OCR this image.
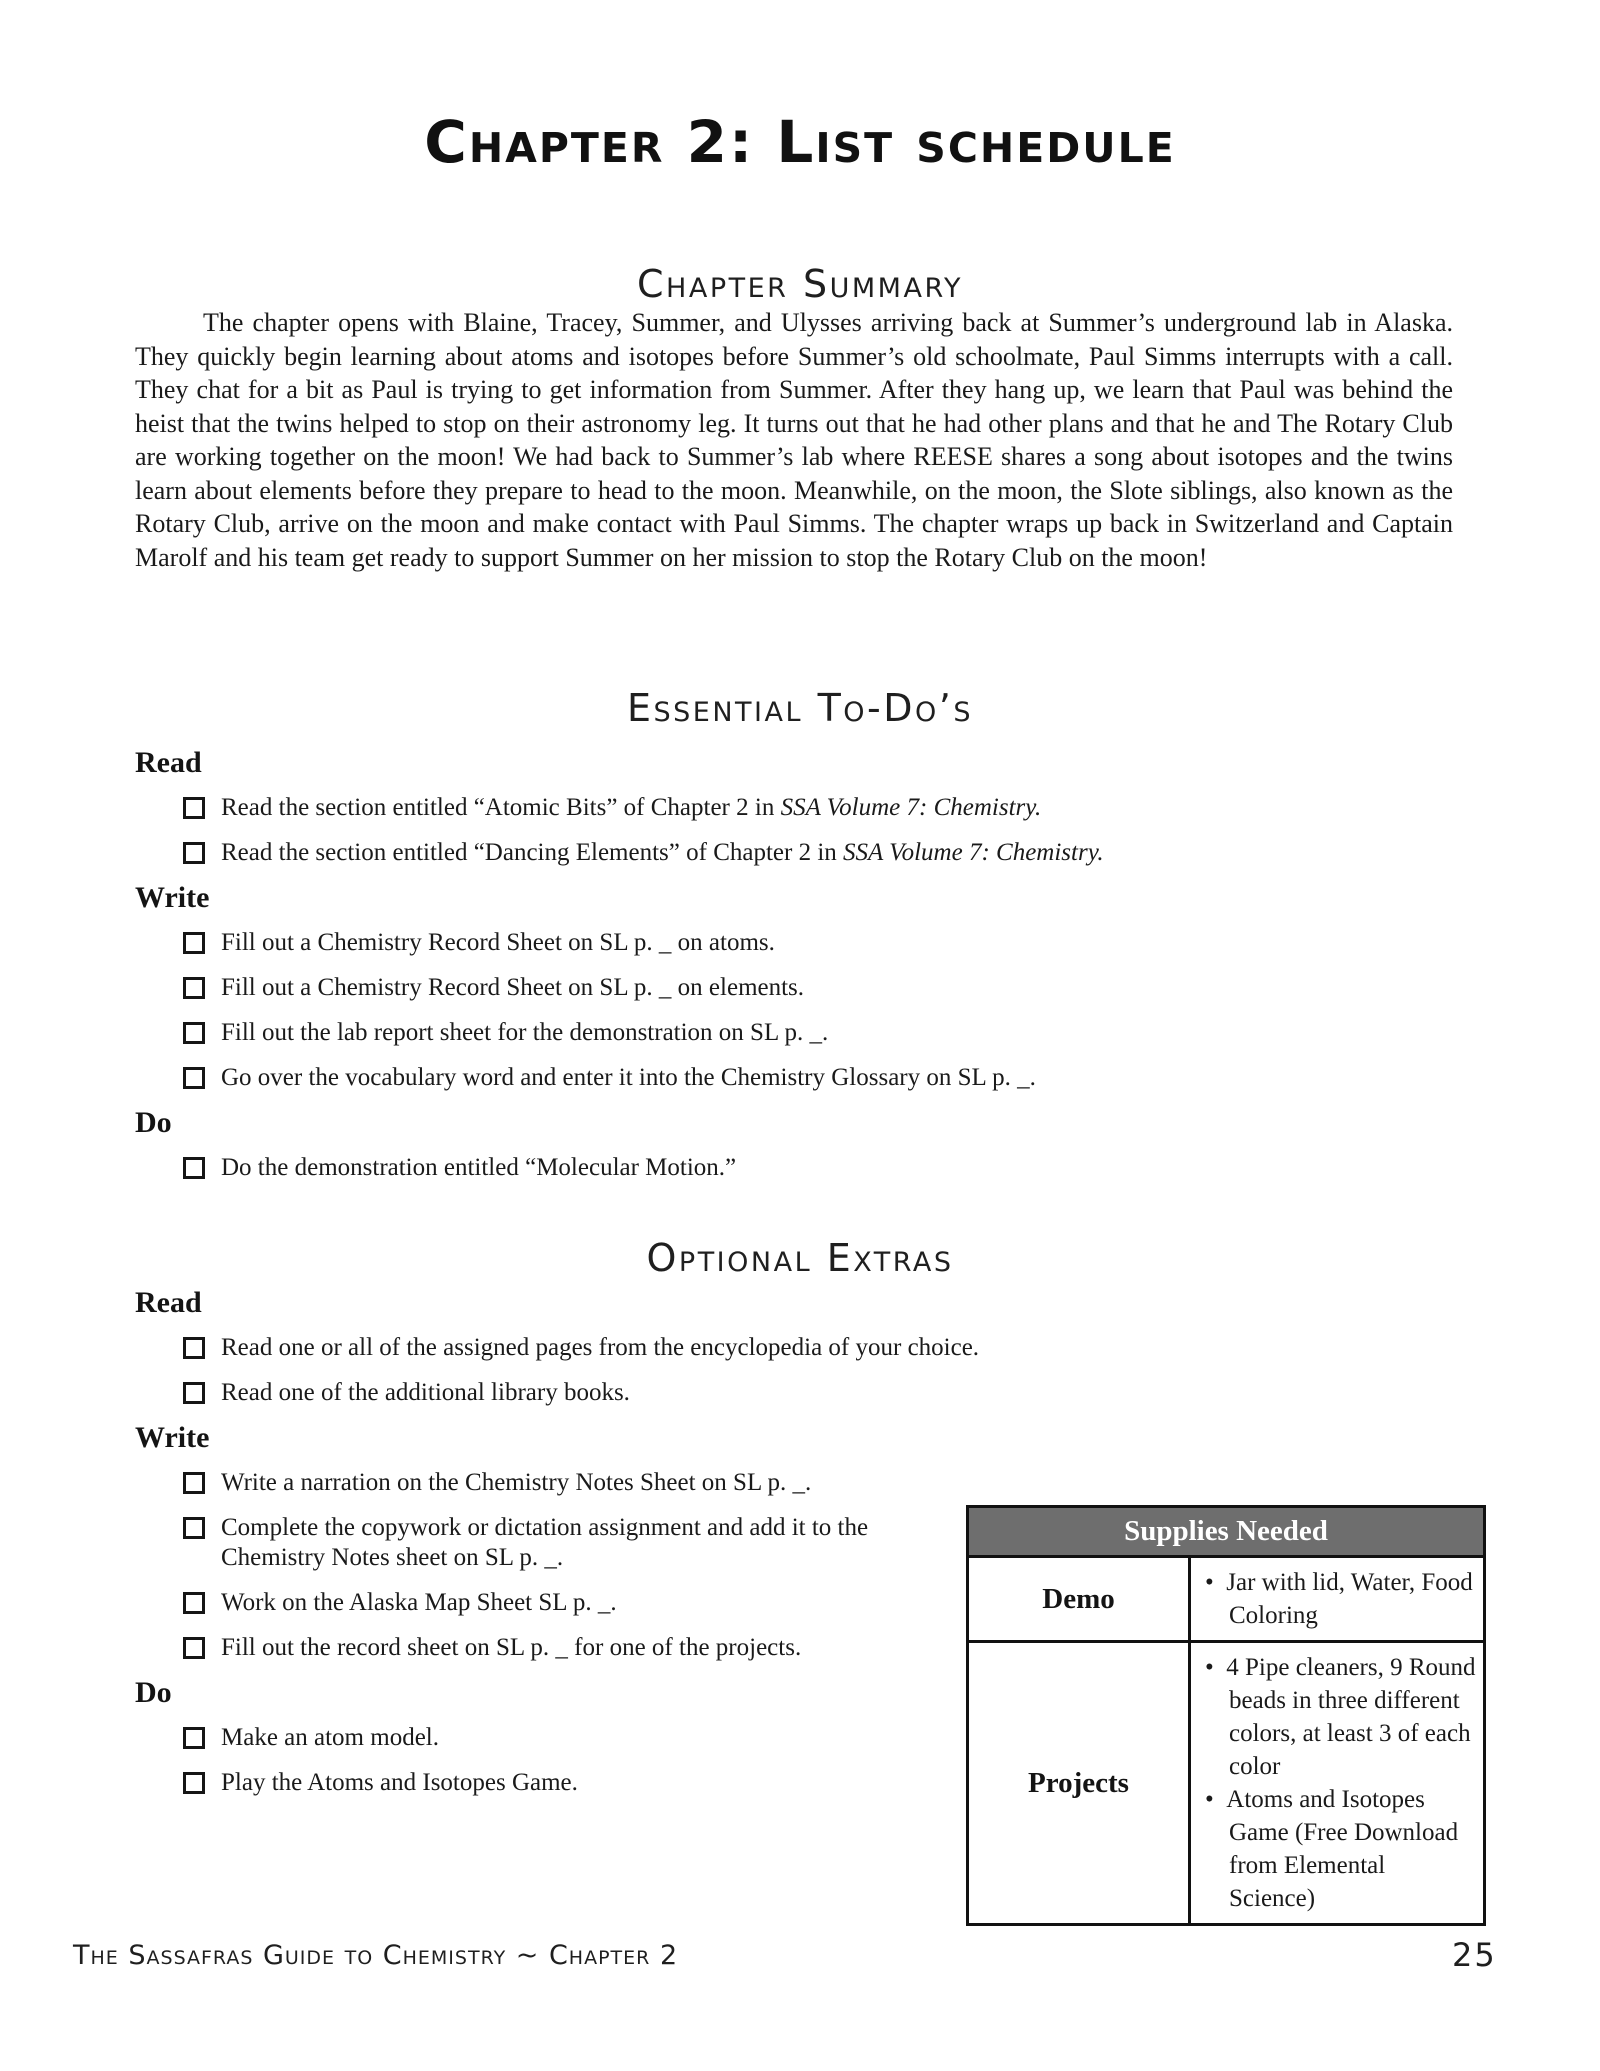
Chapter 2: List schedule
Chapter Summary

The chapter opens with Blaine, Tracey, Summer, and Ulysses arriving back at Summer’s underground lab in Alaska. They quickly begin learning about atoms and isotopes before Summer’s old schoolmate, Paul Simms interrupts with a call. They chat for a bit as Paul is trying to get information from Summer. After they hang up, we learn that Paul was behind the heist that the twins helped to stop on their astronomy leg. It turns out that he had other plans and that he and The Rotary Club are working together on the moon! We had back to Summer’s lab where REESE shares a song about isotopes and the twins learn about elements before they prepare to head to the moon. Meanwhile, on the moon, the Slote siblings, also known as the Rotary Club, arrive on the moon and make contact with Paul Simms. The chapter wraps up back in Switzerland and Captain Marolf and his team get ready to support Summer on her mission to stop the Rotary Club on the moon!

Essential To-Do’s
Read
Read the section entitled “Atomic Bits” of Chapter 2 in SSA Volume 7: Chemistry.
Read the section entitled “Dancing Elements” of Chapter 2 in SSA Volume 7: Chemistry.
Write
Fill out a Chemistry Record Sheet on SL p. _ on atoms.
Fill out a Chemistry Record Sheet on SL p. _ on elements.
Fill out the lab report sheet for the demonstration on SL p. _.
Go over the vocabulary word and enter it into the Chemistry Glossary on SL p. _.
Do
Do the demonstration entitled “Molecular Motion.”
Optional Extras
Read
Read one or all of the assigned pages from the encyclopedia of your choice.
Read one of the additional library books.
Write
Write a narration on the Chemistry Notes Sheet on SL p. _.
Complete the copywork or dictation assignment and add it to the Chemistry Notes sheet on SL p. _.
Work on the Alaska Map Sheet SL p. _.
Fill out the record sheet on SL p. _ for one of the projects.
Do
Make an atom model.
Play the Atoms and Isotopes Game.
Supplies Needed
Demo	•  Jar with lid, Water, Food Coloring
Projects
•  4 Pipe cleaners, 9 Round beads in three different colors, at least 3 of each color
•  Atoms and Isotopes Game (Free Download from Elemental Science)
The Sassafras Guide to Chemistry ~ Chapter 2	25
